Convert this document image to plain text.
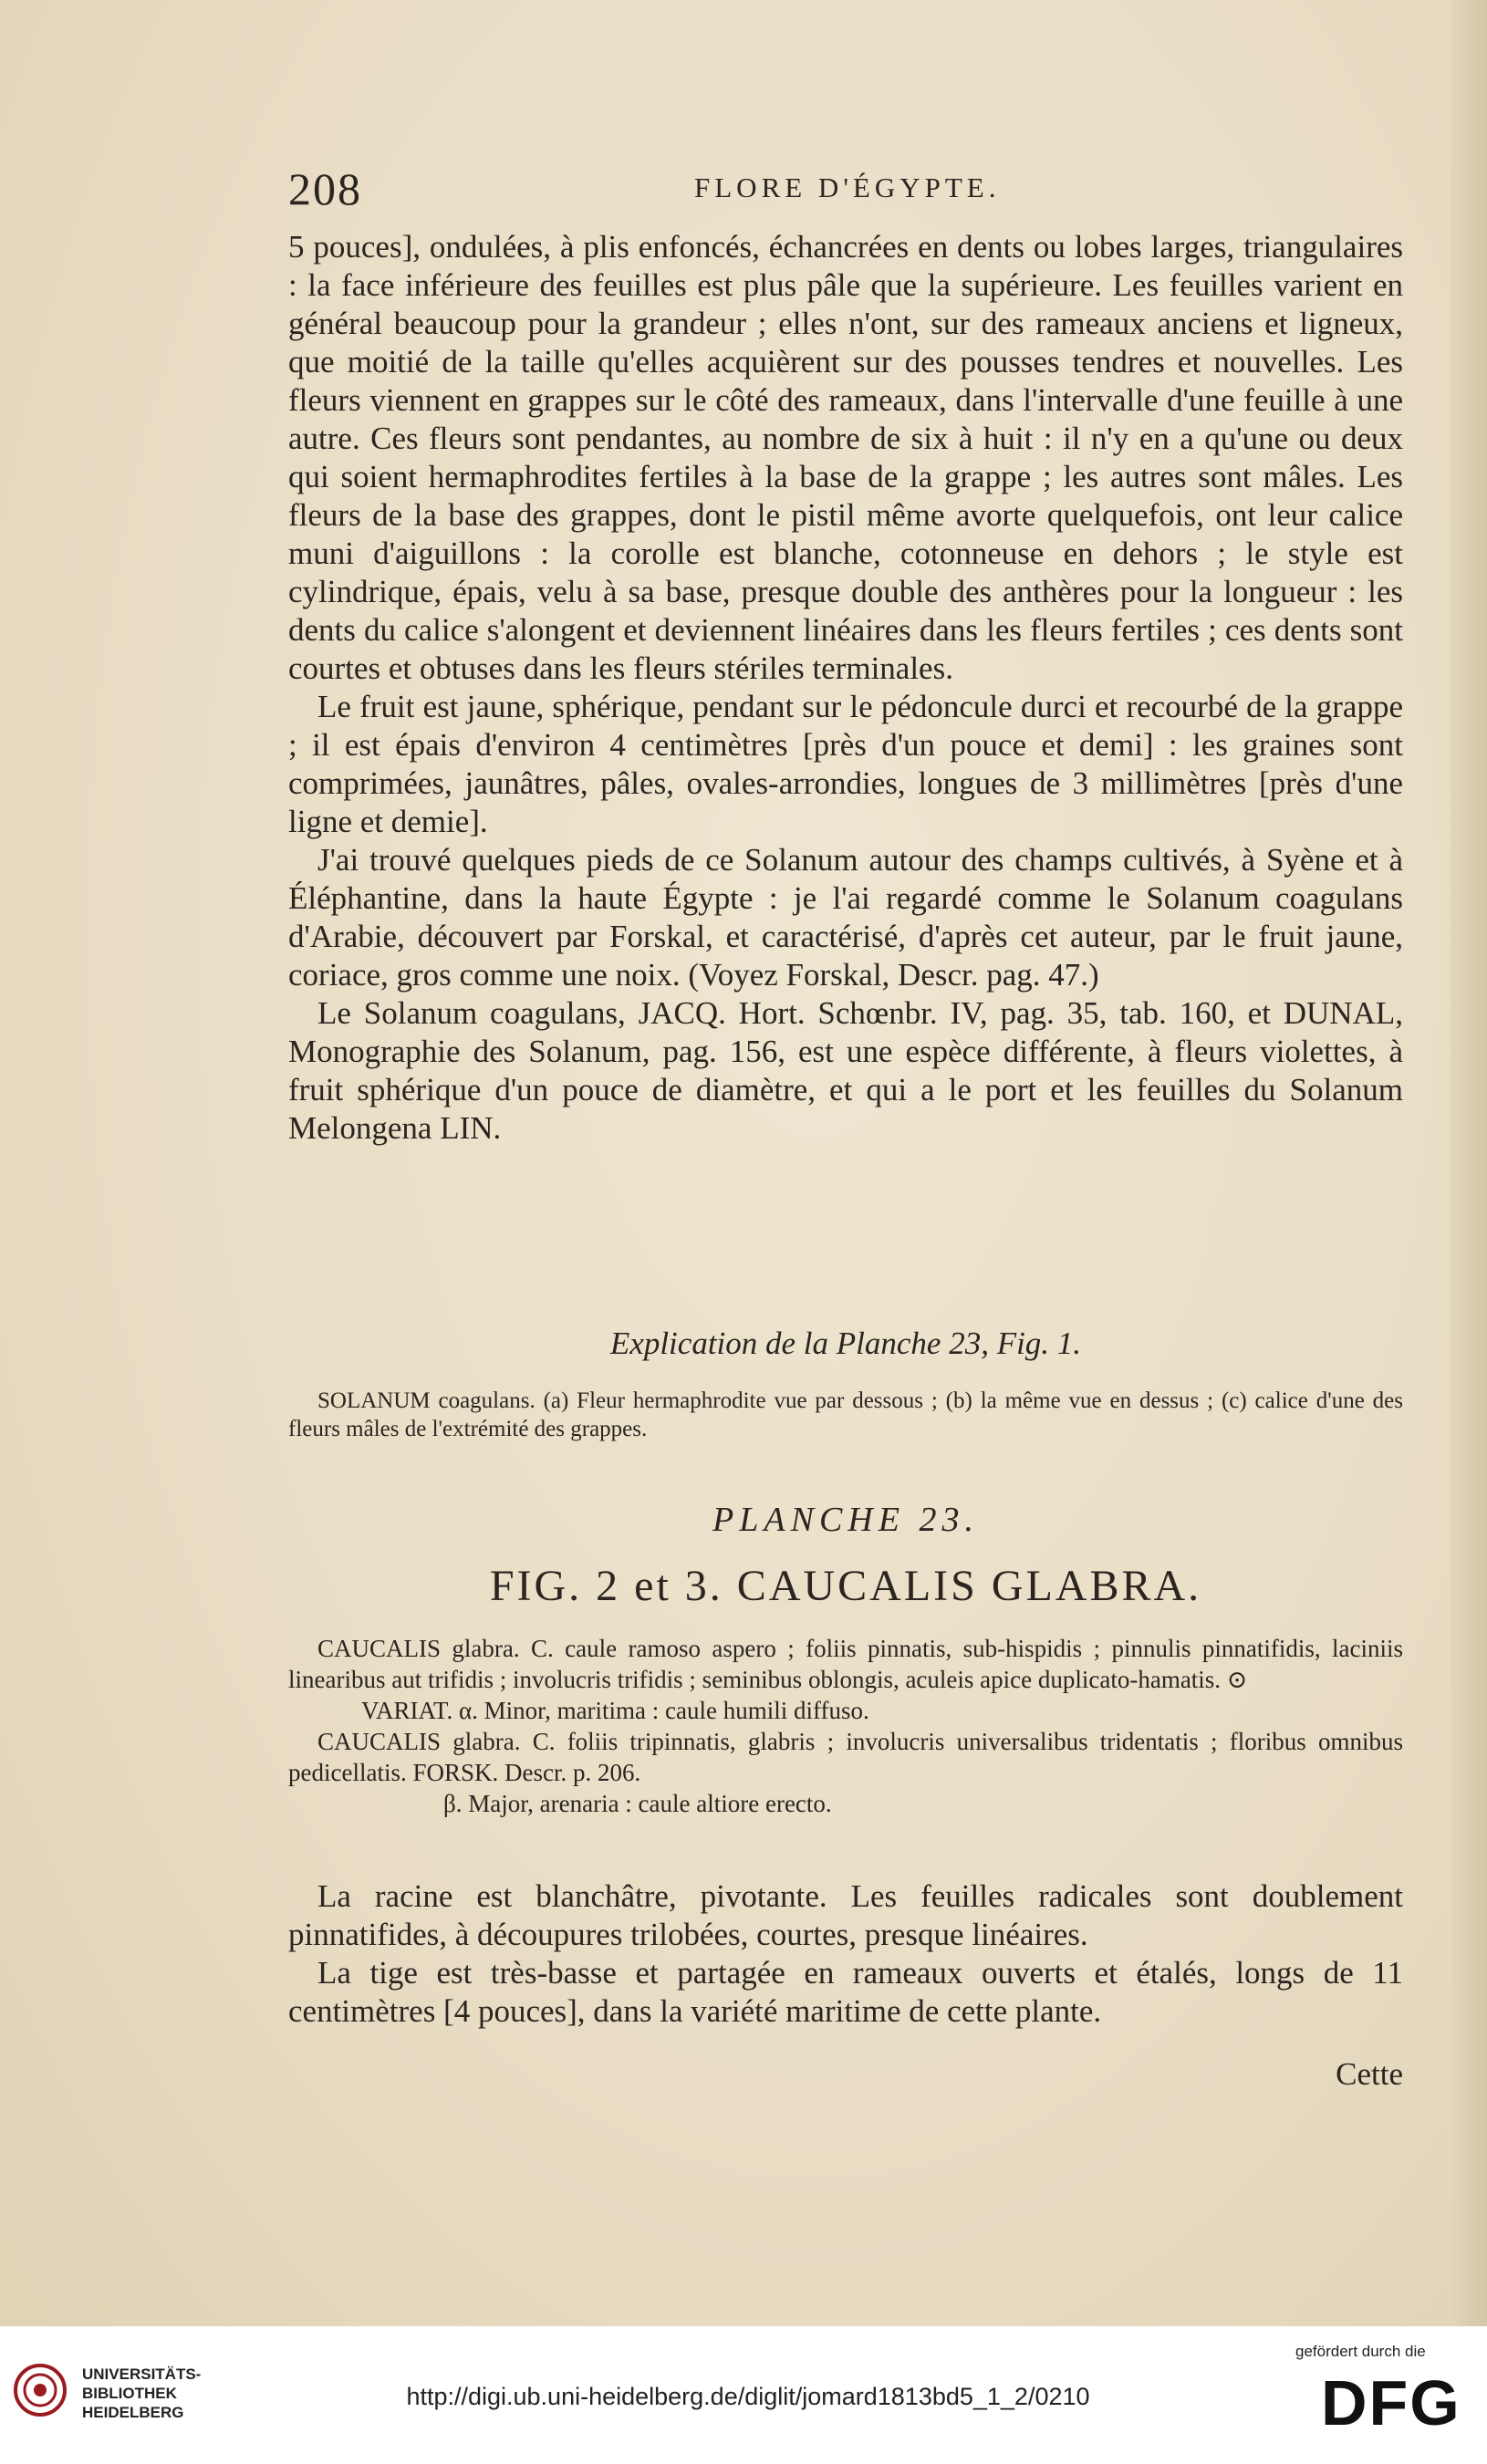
208	FLORE D'ÉGYPTE.

5 pouces], ondulées, à plis enfoncés, échancrées en dents ou lobes larges, triangulaires : la face inférieure des feuilles est plus pâle que la supérieure. Les feuilles varient en général beaucoup pour la grandeur ; elles n'ont, sur des rameaux anciens et ligneux, que moitié de la taille qu'elles acquièrent sur des pousses tendres et nouvelles. Les fleurs viennent en grappes sur le côté des rameaux, dans l'intervalle d'une feuille à une autre. Ces fleurs sont pendantes, au nombre de six à huit : il n'y en a qu'une ou deux qui soient hermaphrodites fertiles à la base de la grappe ; les autres sont mâles. Les fleurs de la base des grappes, dont le pistil même avorte quelquefois, ont leur calice muni d'aiguillons : la corolle est blanche, cotonneuse en dehors ; le style est cylindrique, épais, velu à sa base, presque double des anthères pour la longueur : les dents du calice s'alongent et deviennent linéaires dans les fleurs fertiles ; ces dents sont courtes et obtuses dans les fleurs stériles terminales.

Le fruit est jaune, sphérique, pendant sur le pédoncule durci et recourbé de la grappe ; il est épais d'environ 4 centimètres [près d'un pouce et demi] : les graines sont comprimées, jaunâtres, pâles, ovales-arrondies, longues de 3 millimètres [près d'une ligne et demie].

J'ai trouvé quelques pieds de ce Solanum autour des champs cultivés, à Syène et à Éléphantine, dans la haute Égypte : je l'ai regardé comme le Solanum coagulans d'Arabie, découvert par Forskal, et caractérisé, d'après cet auteur, par le fruit jaune, coriace, gros comme une noix. (Voyez Forskal, Descr. pag. 47.)

Le Solanum coagulans, JACQ. Hort. Schœnbr. IV, pag. 35, tab. 160, et DUNAL, Monographie des Solanum, pag. 156, est une espèce différente, à fleurs violettes, à fruit sphérique d'un pouce de diamètre, et qui a le port et les feuilles du Solanum Melongena LIN.

Explication de la Planche 23, Fig. 1.

SOLANUM coagulans. (a) Fleur hermaphrodite vue par dessous ; (b) la même vue en dessus ; (c) calice d'une des fleurs mâles de l'extrémité des grappes.

PLANCHE 23.
FIG. 2 et 3. CAUCALIS GLABRA.

CAUCALIS glabra. C. caule ramoso aspero ; foliis pinnatis, sub-hispidis ; pinnulis pinnatifidis, laciniis linearibus aut trifidis ; involucris trifidis ; seminibus oblongis, aculeis apice duplicato-hamatis. ⊙

VARIAT. α. Minor, maritima : caule humili diffuso.

CAUCALIS glabra. C. foliis tripinnatis, glabris ; involucris universalibus tridentatis ; floribus omnibus pedicellatis. FORSK. Descr. p. 206.

β. Major, arenaria : caule altiore erecto.

La racine est blanchâtre, pivotante. Les feuilles radicales sont doublement pinnatifides, à découpures trilobées, courtes, presque linéaires.

La tige est très-basse et partagée en rameaux ouverts et étalés, longs de 11 centimètres [4 pouces], dans la variété maritime de cette plante.

Cette
UNIVERSITÄTS-
BIBLIOTHEK
HEIDELBERG
http://digi.ub.uni-heidelberg.de/diglit/jomard1813bd5_1_2/0210
gefördert durch die
DFG
